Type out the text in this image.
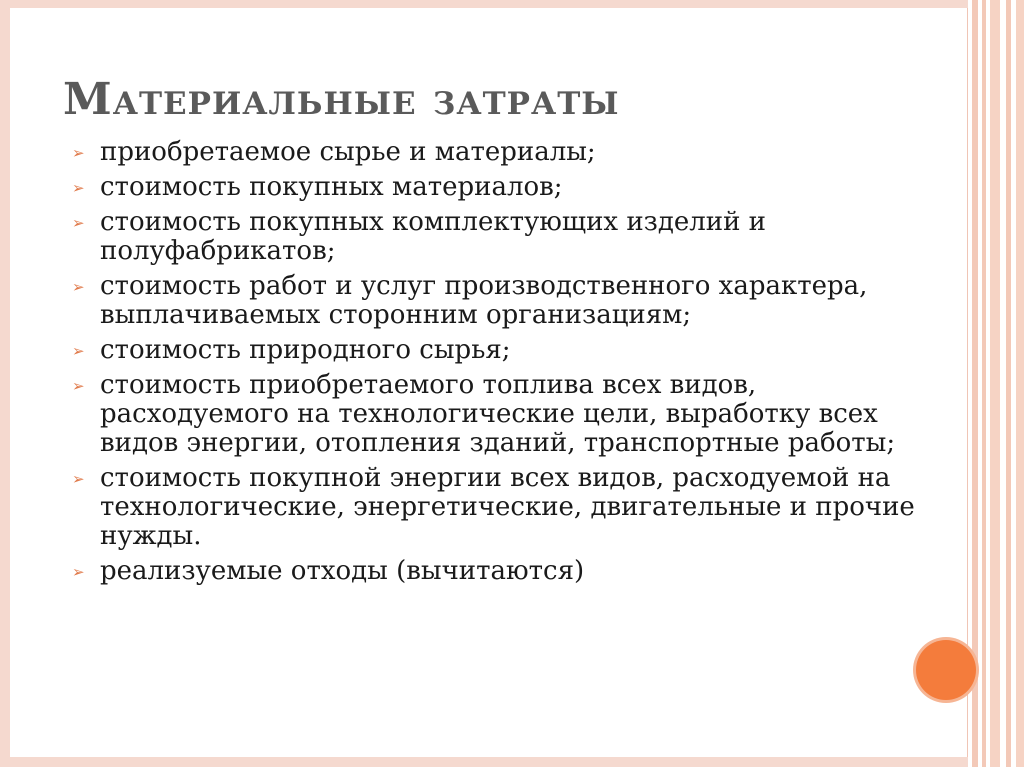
Материальные затраты
➢ приобретаемое сырье и материалы;
➢ стоимость покупных материалов;
➢ стоимость покупных комплектующих изделий и полуфабрикатов;
➢ стоимость работ и услуг производственного характера, выплачиваемых сторонним организациям;
➢ стоимость природного сырья;
➢ стоимость приобретаемого топлива всех видов, расходуемого на технологические цели, выработку всех видов энергии, отопления зданий, транспортные работы;
➢ стоимость покупной энергии всех видов, расходуемой на технологические, энергетические, двигательные и прочие нужды.
➢ реализуемые отходы (вычитаются)
